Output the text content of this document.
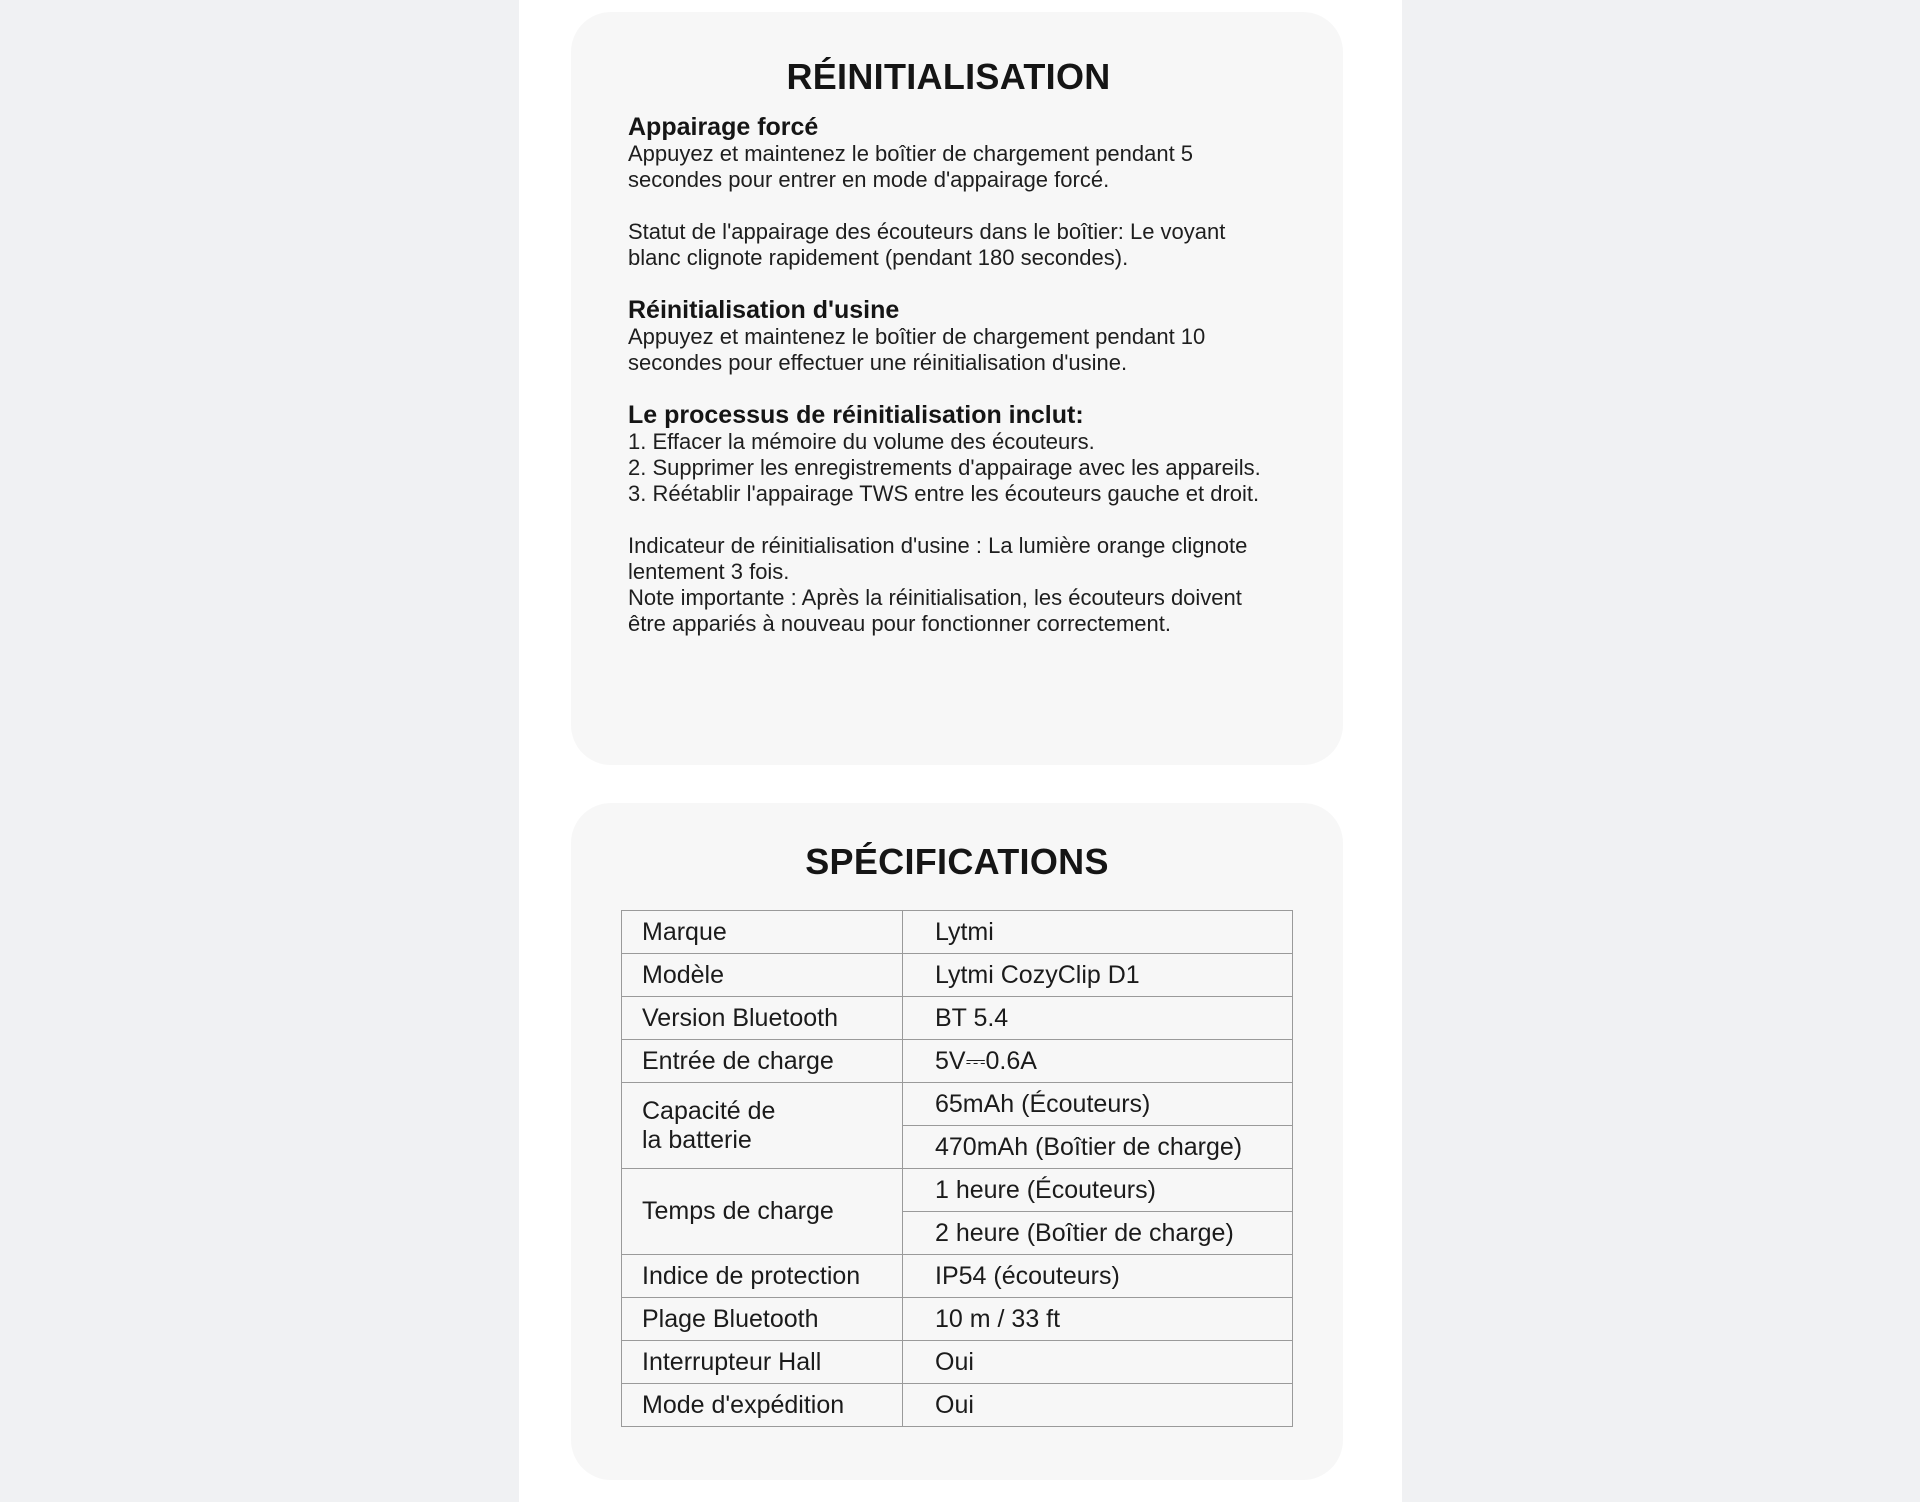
RÉINITIALISATION
Appairage forcé
Appuyez et maintenez le boîtier de chargement pendant 5 secondes pour entrer en mode d'appairage forcé.
Statut de l'appairage des écouteurs dans le boîtier: Le voyant blanc clignote rapidement (pendant 180 secondes).
Réinitialisation d'usine
Appuyez et maintenez le boîtier de chargement pendant 10 secondes pour effectuer une réinitialisation d'usine.
Le processus de réinitialisation inclut:
1. Effacer la mémoire du volume des écouteurs.
2. Supprimer les enregistrements d'appairage avec les appareils.
3. Réétablir l'appairage TWS entre les écouteurs gauche et droit.
Indicateur de réinitialisation d'usine : La lumière orange clignote lentement 3 fois.
Note importante : Après la réinitialisation, les écouteurs doivent être appariés à nouveau pour fonctionner correctement.
SPÉCIFICATIONS
Marque	Lytmi
Modèle	Lytmi CozyClip D1
Version Bluetooth	BT 5.4
Entrée de charge	5V⎓0.6A

Capacité de
la batterie	65mAh (Écouteurs)
	470mAh (Boîtier de charge)
Temps de charge	1 heure (Écouteurs)
	2 heure (Boîtier de charge)
Indice de protection	IP54 (écouteurs)
Plage Bluetooth	10 m / 33 ft
Interrupteur Hall	Oui
Mode d'expédition	Oui
